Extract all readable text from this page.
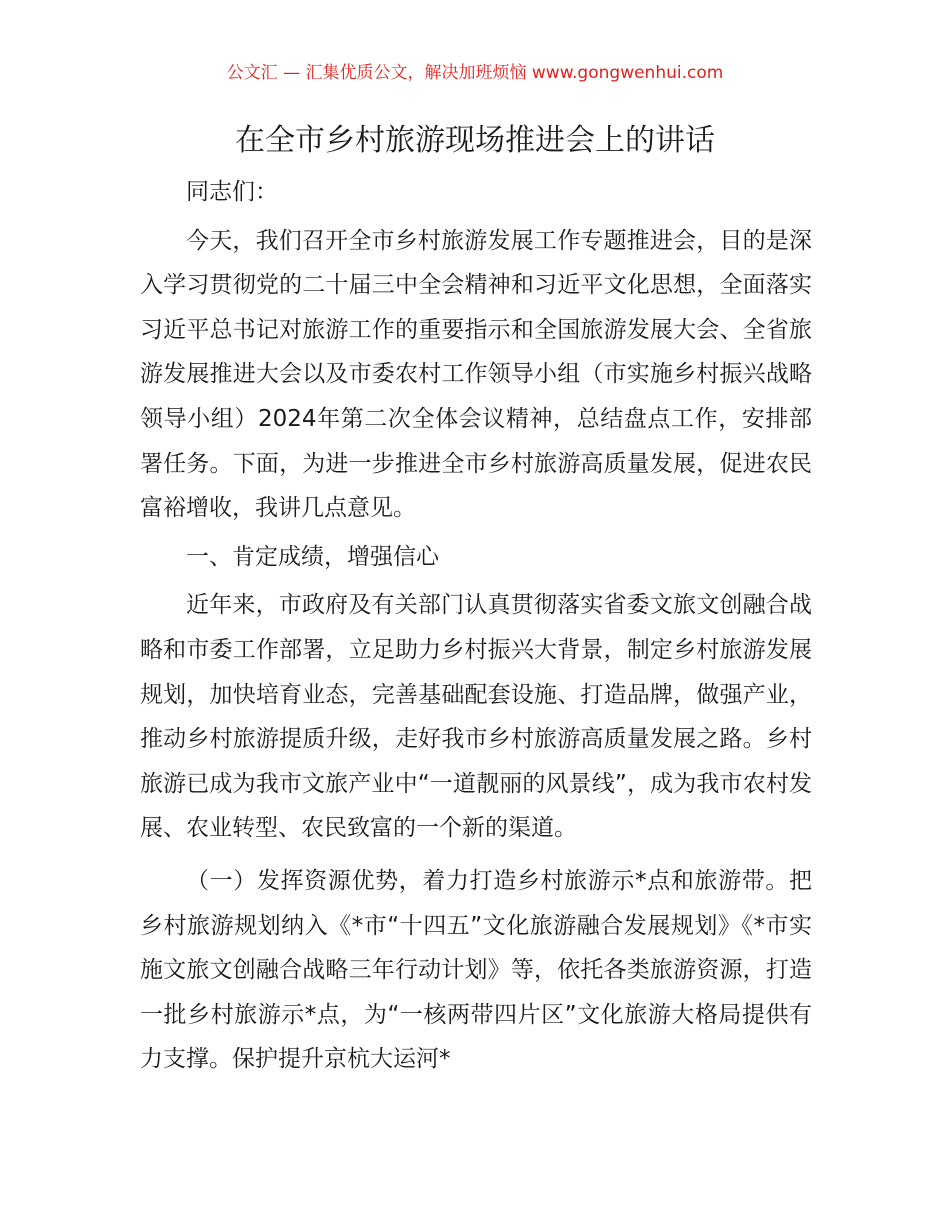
公文汇 — 汇集优质公文，解决加班烦恼 www.gongwenhui.com
在全市乡村旅游现场推进会上的讲话

同志们：

今天，我们召开全市乡村旅游发展工作专题推进会，目的是深入学习贯彻党的二十届三中全会精神和习近平文化思想，全面落实习近平总书记对旅游工作的重要指示和全国旅游发展大会、全省旅游发展推进大会以及市委农村工作领导小组（市实施乡村振兴战略领导小组）2024年第二次全体会议精神，总结盘点工作，安排部署任务。下面，为进一步推进全市乡村旅游高质量发展，促进农民富裕增收，我讲几点意见。

一、肯定成绩，增强信心

近年来，市政府及有关部门认真贯彻落实省委文旅文创融合战略和市委工作部署，立足助力乡村振兴大背景，制定乡村旅游发展规划，加快培育业态，完善基础配套设施、打造品牌，做强产业，推动乡村旅游提质升级，走好我市乡村旅游高质量发展之路。乡村旅游已成为我市文旅产业中“一道靓丽的风景线”，成为我市农村发展、农业转型、农民致富的一个新的渠道。

（一）发挥资源优势，着力打造乡村旅游示*点和旅游带。把乡村旅游规划纳入《*市“十四五”文化旅游融合发展规划》《*市实施文旅文创融合战略三年行动计划》等，依托各类旅游资源，打造一批乡村旅游示*点，为“一核两带四片区”文化旅游大格局提供有力支撑。保护提升京杭大运河*
